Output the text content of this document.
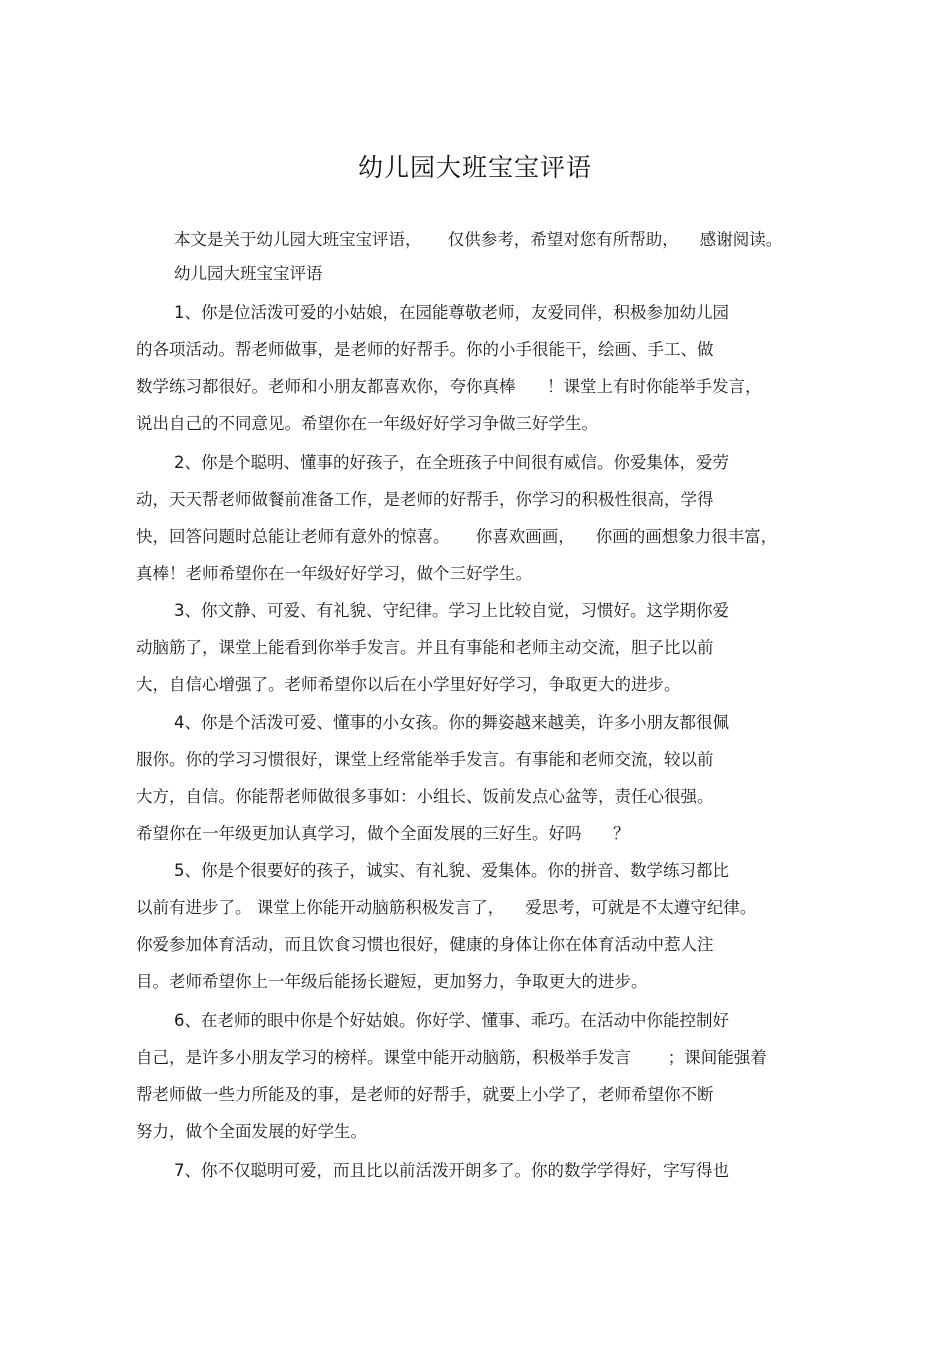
幼儿园大班宝宝评语
本文是关于幼儿园大班宝宝评语，     仅供参考，希望对您有所帮助，    感谢阅读。
幼儿园大班宝宝评语
1、你是位活泼可爱的小姑娘，在园能尊敬老师，友爱同伴，积极参加幼儿园
的各项活动。帮老师做事，是老师的好帮手。你的小手很能干，绘画、手工、做
数学练习都很好。老师和小朋友都喜欢你，夸你真棒      ！课堂上有时你能举手发言，
说出自己的不同意见。希望你在一年级好好学习争做三好学生。
2、你是个聪明、懂事的好孩子，在全班孩子中间很有威信。你爱集体，爱劳
动，天天帮老师做餐前准备工作，是老师的好帮手，你学习的积极性很高，学得
快，回答问题时总能让老师有意外的惊喜。     你喜欢画画，    你画的画想象力很丰富，
真棒！老师希望你在一年级好好学习，做个三好学生。
3、你文静、可爱、有礼貌、守纪律。学习上比较自觉，习惯好。这学期你爱
动脑筋了，课堂上能看到你举手发言。并且有事能和老师主动交流，胆子比以前
大，自信心增强了。老师希望你以后在小学里好好学习，争取更大的进步。
4、你是个活泼可爱、懂事的小女孩。你的舞姿越来越美，许多小朋友都很佩
服你。你的学习习惯很好，课堂上经常能举手发言。有事能和老师交流，较以前
大方，自信。你能帮老师做很多事如：小组长、饭前发点心盆等，责任心很强。
希望你在一年级更加认真学习，做个全面发展的三好生。好吗      ？
5、你是个很要好的孩子，诚实、有礼貌、爱集体。你的拼音、数学练习都比
以前有进步了。 课堂上你能开动脑筋积极发言了，    爱思考，可就是不太遵守纪律。
你爱参加体育活动，而且饮食习惯也很好，健康的身体让你在体育活动中惹人注
目。老师希望你上一年级后能扬长避短，更加努力，争取更大的进步。
6、在老师的眼中你是个好姑娘。你好学、懂事、乖巧。在活动中你能控制好
自己，是许多小朋友学习的榜样。课堂中能开动脑筋，积极举手发言       ；课间能强着
帮老师做一些力所能及的事，是老师的好帮手，就要上小学了，老师希望你不断
努力，做个全面发展的好学生。
7、你不仅聪明可爱，而且比以前活泼开朗多了。你的数学学得好，字写得也
